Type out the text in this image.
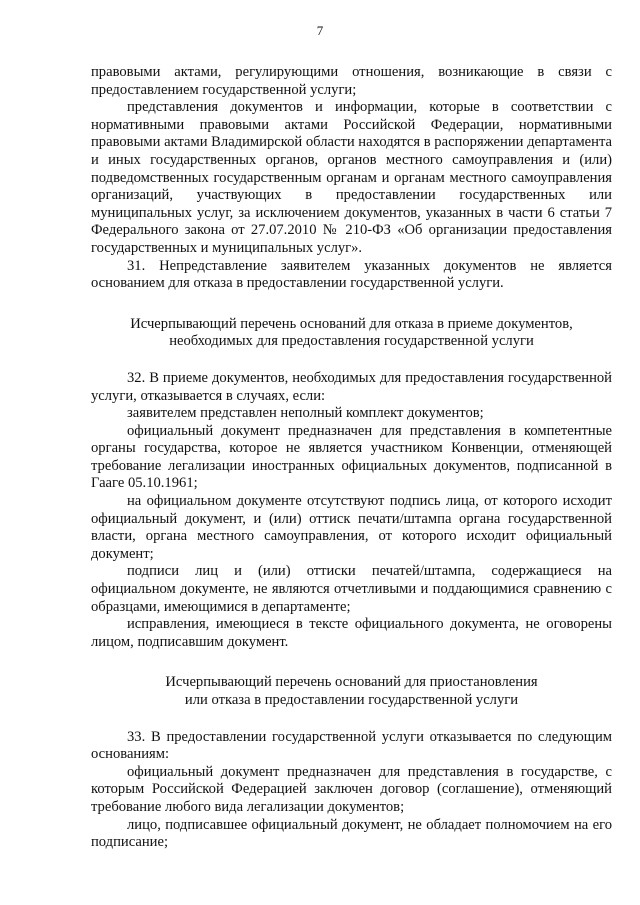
7

правовыми актами, регулирующими отношения, возникающие в связи с предоставлением государственной услуги;

представления документов и информации, которые в соответствии с нормативными правовыми актами Российской Федерации, нормативными правовыми актами Владимирской области находятся в распоряжении департамента и иных государственных органов, органов местного самоуправления и (или) подведомственных государственным органам и органам местного самоуправления организаций, участвующих в предоставлении государственных или муниципальных услуг, за исключением документов, указанных в части 6 статьи 7 Федерального закона от 27.07.2010 № 210-ФЗ «Об организации предоставления государственных и муниципальных услуг».

31. Непредставление заявителем указанных документов не является основанием для отказа в предоставлении государственной услуги.

Исчерпывающий перечень оснований для отказа в приеме документов,
необходимых для предоставления государственной услуги

32. В приеме документов, необходимых для предоставления государственной услуги, отказывается в случаях, если:

заявителем представлен неполный комплект документов;

официальный документ предназначен для представления в компетентные органы государства, которое не является участником Конвенции, отменяющей требование легализации иностранных официальных документов, подписанной в Гааге 05.10.1961;

на официальном документе отсутствуют подпись лица, от которого исходит официальный документ, и (или) оттиск печати/штампа органа государственной власти, органа местного самоуправления, от которого исходит официальный документ;

подписи лиц и (или) оттиски печатей/штампа, содержащиеся на официальном документе, не являются отчетливыми и поддающимися сравнению с образцами, имеющимися в департаменте;

исправления, имеющиеся в тексте официального документа, не оговорены лицом, подписавшим документ.

Исчерпывающий перечень оснований для приостановления
или отказа в предоставлении государственной услуги

33. В предоставлении государственной услуги отказывается по следующим основаниям:

официальный документ предназначен для представления в государстве, с которым Российской Федерацией заключен договор (соглашение), отменяющий требование любого вида легализации документов;

лицо, подписавшее официальный документ, не обладает полномочием на его подписание;
